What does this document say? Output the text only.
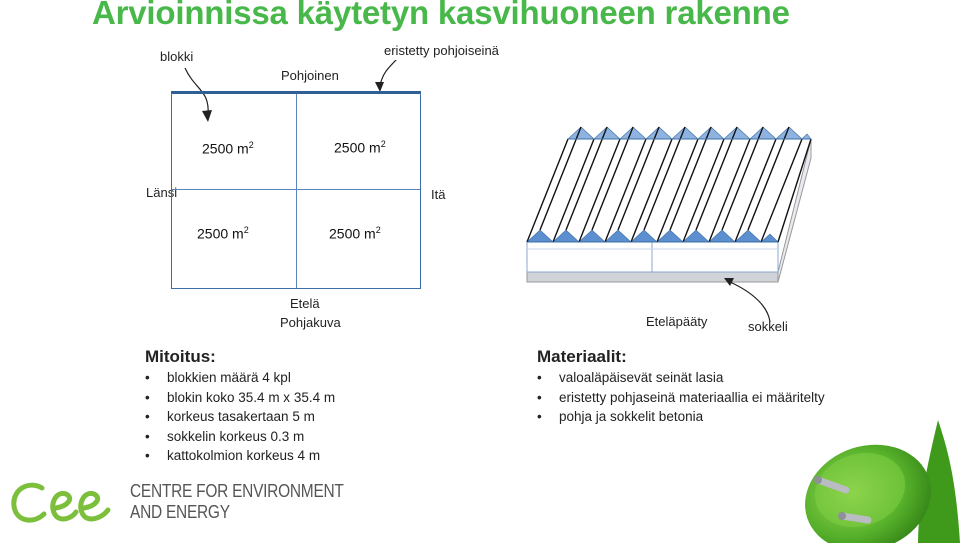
Arvioinnissa käytetyn kasvihuoneen rakenne
blokki
Pohjoinen
eristetty pohjoiseinä
Länsi	Itä
Etelä
Pohjakuva
2500 $m^2$	2500 $m^2$
2500 $m^2$	2500 $m^2$
Eteläpääty	sokkeli
Mitoitus:
• blokkien määrä 4 kpl
• blokin koko 35.4 m x 35.4 m
• korkeus tasakertaan 5 m
• sokkelin korkeus 0.3 m
• kattokolmion korkeus 4 m
Materiaalit:
• valoaläpäisevät seinät lasia
• eristetty pohjaseinä materiaallia ei määritelty
• pohja ja sokkelit betonia
CENTRE FOR ENVIRONMENT
AND ENERGY
